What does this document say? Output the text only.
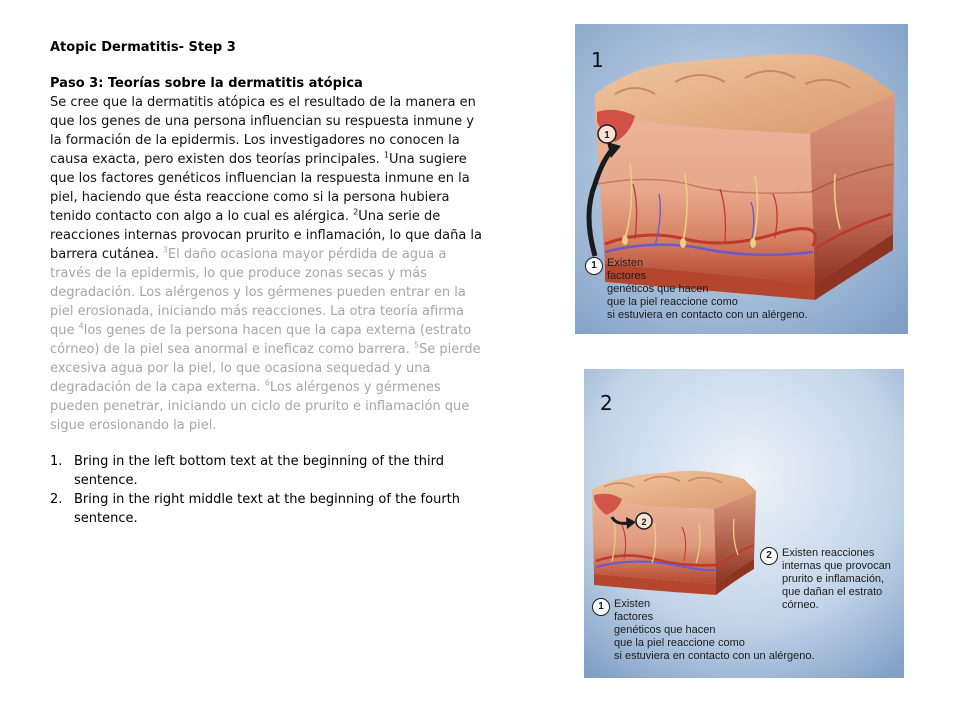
Atopic Dermatitis- Step 3

Paso 3: Teorías sobre la dermatitis atópica
Se cree que la dermatitis atópica es el resultado de la manera en que los genes de una persona influencian su respuesta inmune y la formación de la epidermis. Los investigadores no conocen la causa exacta, pero existen dos teorías principales. $^1$Una sugiere que los factores genéticos influencian la respuesta inmune en la piel, haciendo que ésta reaccione como si la persona hubiera tenido contacto con algo a lo cual es alérgica. $^2$Una serie de reacciones internas provocan prurito e inflamación, lo que daña la barrera cutánea. $^3$El daño ocasiona mayor pérdida de agua a través de la epidermis, lo que produce zonas secas y más degradación. Los alérgenos y los gérmenes pueden entrar en la piel erosionada, iniciando más reacciones. La otra teoría afirma que $^4$los genes de la persona hacen que la capa externa (estrato córneo) de la piel sea anormal e ineficaz como barrera. $^5$Se pierde excesiva agua por la piel, lo que ocasiona sequedad y una degradación de la capa externa. $^6$Los alérgenos y gérmenes pueden penetrar, iniciando un ciclo de prurito e inflamación que sigue erosionando la piel.
1. Bring in the left bottom text at the beginning of the third sentence.
2. Bring in the right middle text at the beginning of the fourth sentence.
1
1
1 Existen
factores
genéticos que hacen
que la piel reaccione como
si estuviera en contacto con un alérgeno.
2
2
2 Existen reacciones
internas que provocan
prurito e inflamación,
que dañan el estrato
córneo.
1 Existen
factores
genéticos que hacen
que la piel reaccione como
si estuviera en contacto con un alérgeno.
